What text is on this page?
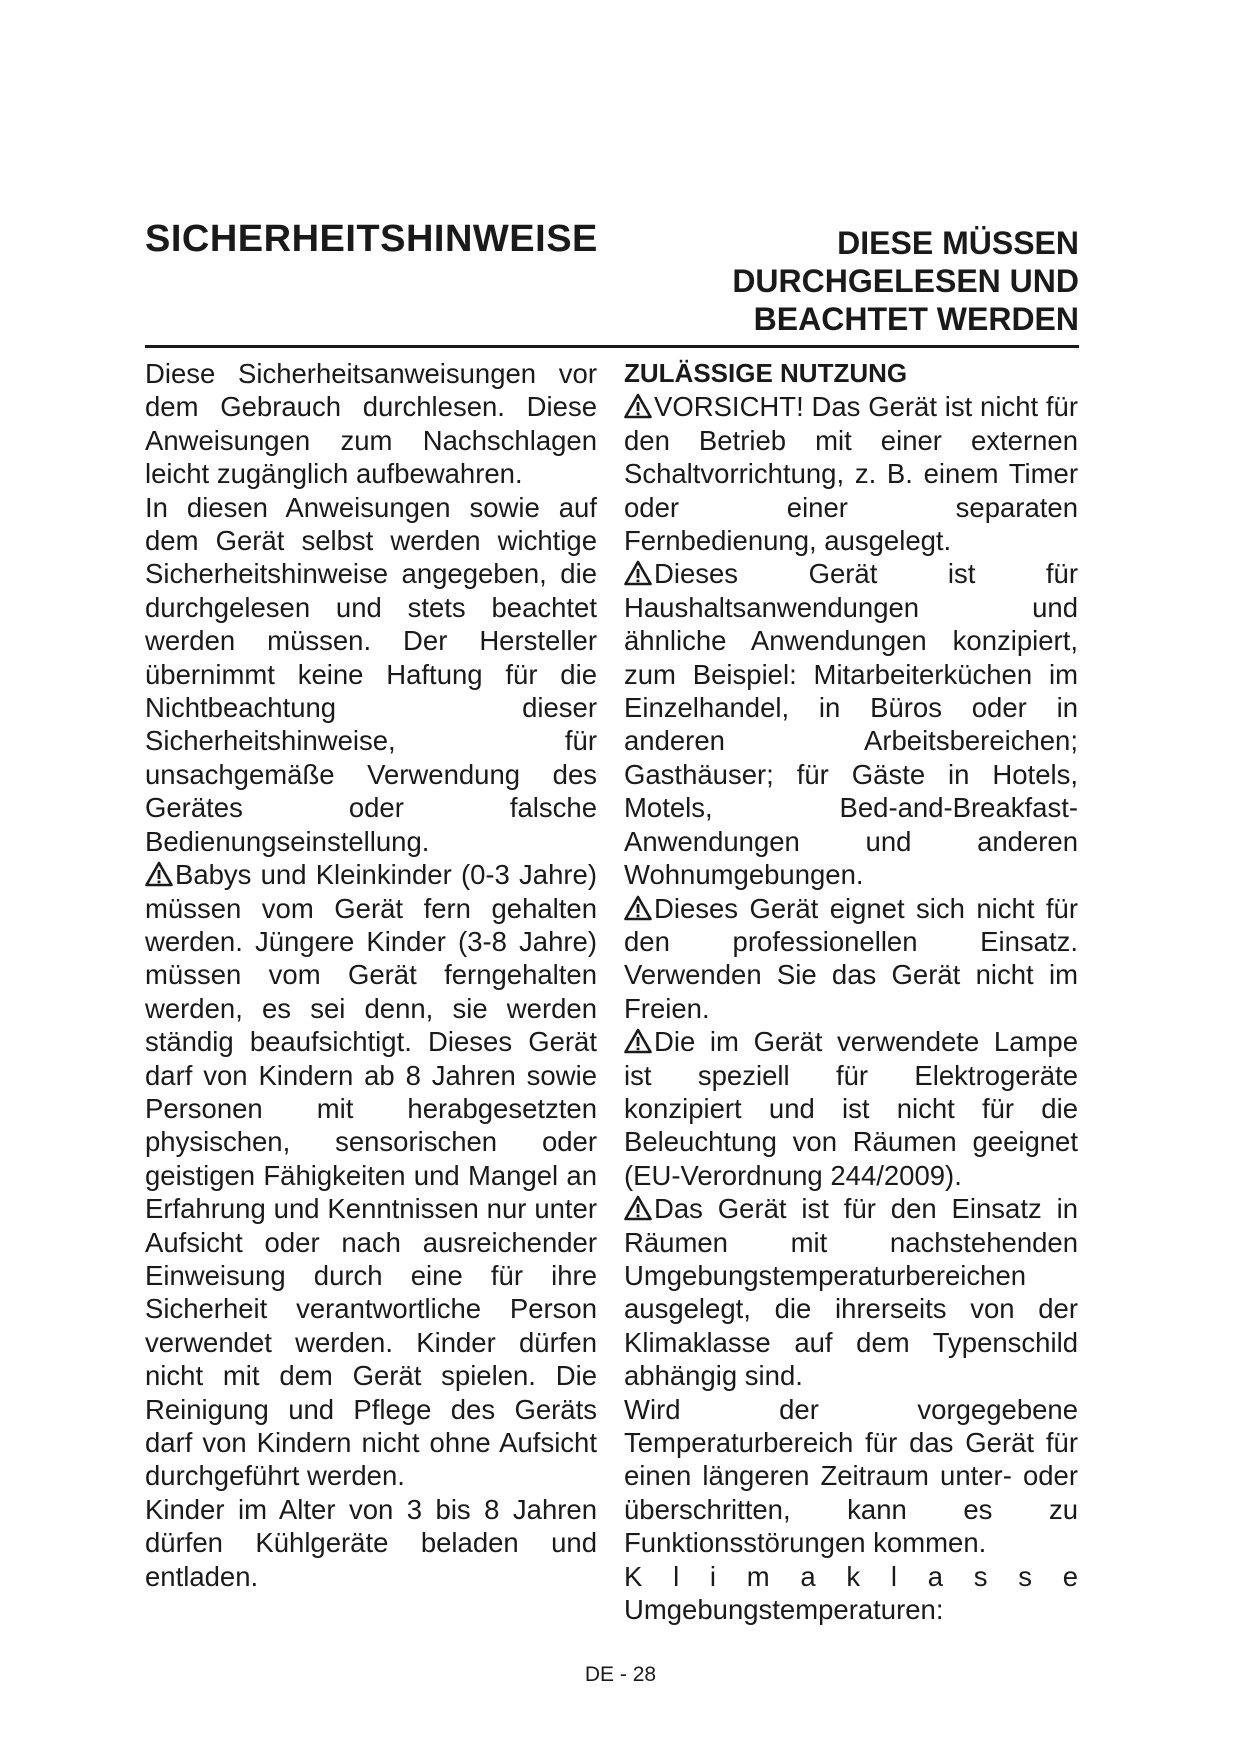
SICHERHEITSHINWEISE	DIESE MÜSSEN DURCHGELESEN UND BEACHTET WERDEN

Diese Sicherheitsanweisungen vor dem Gebrauch durchlesen. Diese Anweisungen zum Nachschlagen leicht zugänglich aufbewahren.

In diesen Anweisungen sowie auf dem Gerät selbst werden wichtige Sicherheitshinweise angegeben, die durchgelesen und stets beachtet werden müssen. Der Hersteller übernimmt keine Haftung für die Nichtbeachtung dieser Sicherheitshinweise, für unsachgemäße Verwendung des Gerätes oder falsche Bedienungseinstellung.

Babys und Kleinkinder (0-3 Jahre) müssen vom Gerät fern gehalten werden. Jüngere Kinder (3-8 Jahre) müssen vom Gerät ferngehalten werden, es sei denn, sie werden ständig beaufsichtigt. Dieses Gerät darf von Kindern ab 8 Jahren sowie Personen mit herabgesetzten physischen, sensorischen oder geistigen Fähigkeiten und Mangel an Erfahrung und Kenntnissen nur unter Aufsicht oder nach ausreichender Einweisung durch eine für ihre Sicherheit verantwortliche Person verwendet werden. Kinder dürfen nicht mit dem Gerät spielen. Die Reinigung und Pflege des Geräts darf von Kindern nicht ohne Aufsicht durchgeführt werden.

Kinder im Alter von 3 bis 8 Jahren dürfen Kühlgeräte beladen und entladen.

ZULÄSSIGE NUTZUNG

VORSICHT! Das Gerät ist nicht für den Betrieb mit einer externen Schaltvorrichtung, z. B. einem Timer oder einer separaten Fernbedienung, ausgelegt.

Dieses Gerät ist für Haushaltsanwendungen und ähnliche Anwendungen konzipiert, zum Beispiel: Mitarbeiterküchen im Einzelhandel, in Büros oder in anderen Arbeitsbereichen; Gasthäuser; für Gäste in Hotels, Motels, Bed-and-Breakfast-Anwendungen und anderen Wohnumgebungen.

Dieses Gerät eignet sich nicht für den professionellen Einsatz. Verwenden Sie das Gerät nicht im Freien.

Die im Gerät verwendete Lampe ist speziell für Elektrogeräte konzipiert und ist nicht für die Beleuchtung von Räumen geeignet (EU-Verordnung 244/2009).

Das Gerät ist für den Einsatz in Räumen mit nachstehenden Umgebungstemperaturbereichen ausgelegt, die ihrerseits von der Klimaklasse auf dem Typenschild abhängig sind.

Wird der vorgegebene Temperaturbereich für das Gerät für einen längeren Zeitraum unter- oder überschritten, kann es zu Funktionsstörungen kommen.

K l i m a k l a s s e

Umgebungstemperaturen:

DE - 28
